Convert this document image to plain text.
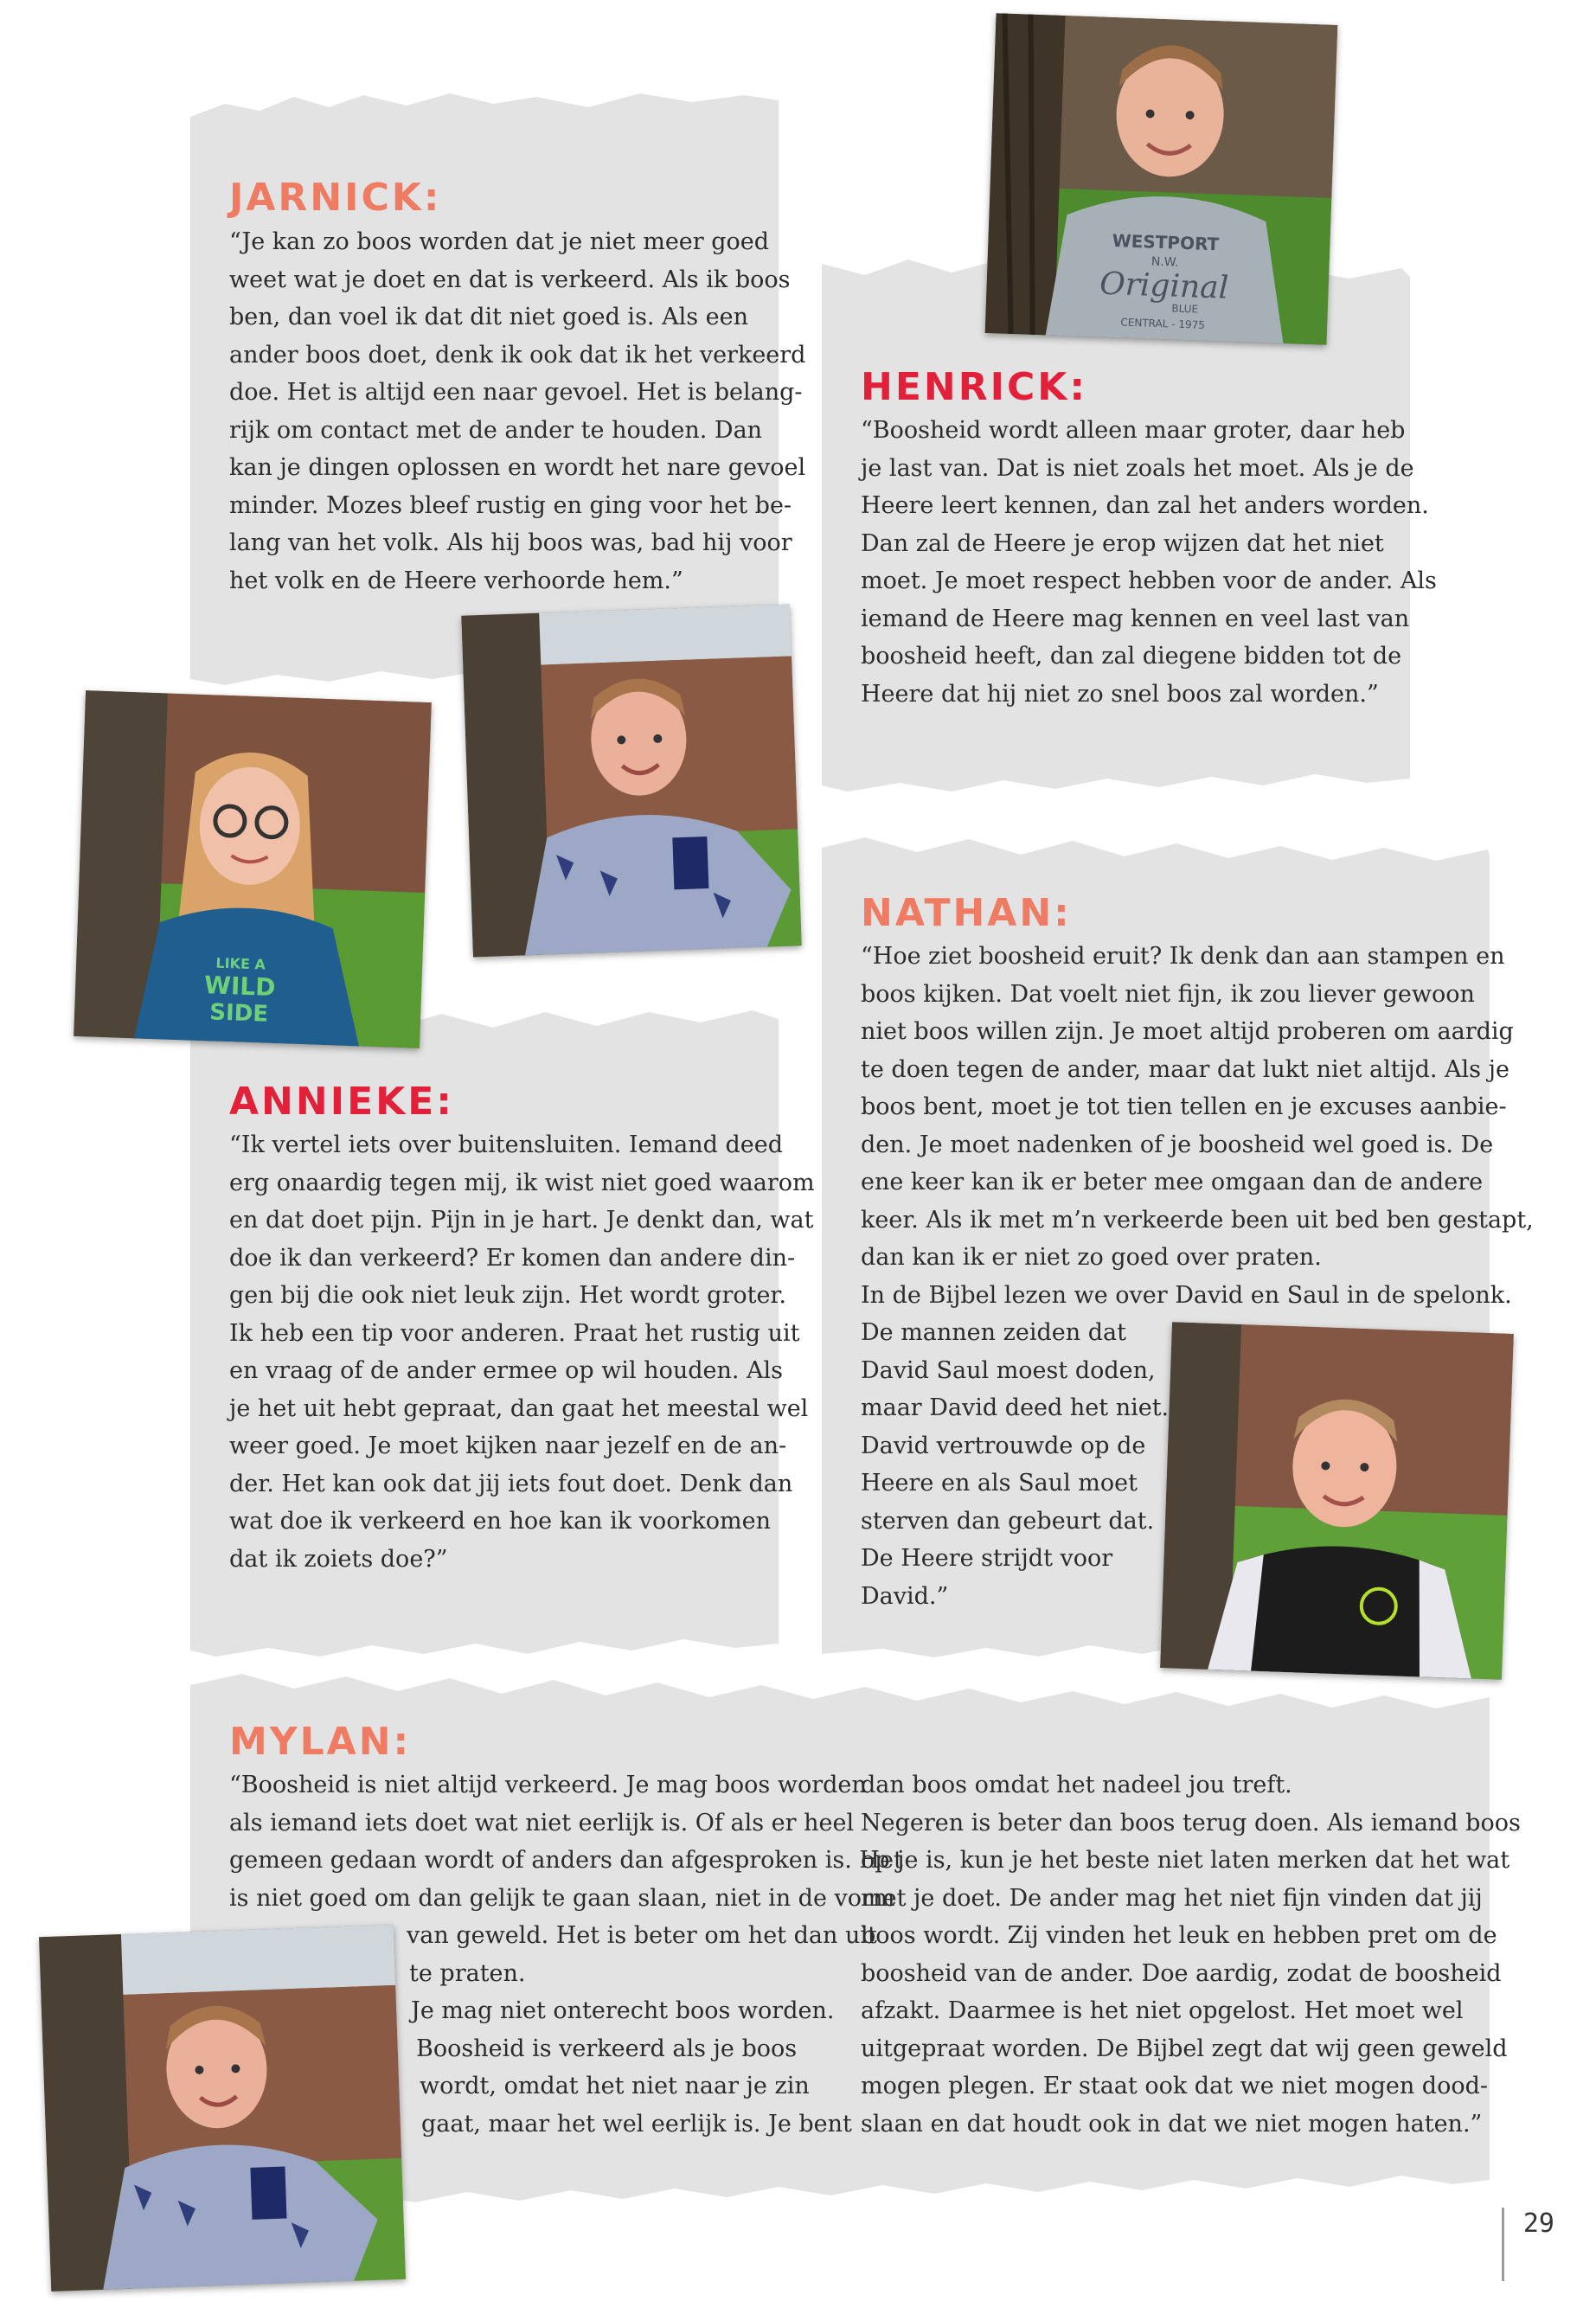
JARNICK:
“Je kan zo boos worden dat je niet meer goed
weet wat je doet en dat is verkeerd. Als ik boos
ben, dan voel ik dat dit niet goed is. Als een
ander boos doet, denk ik ook dat ik het verkeerd
doe. Het is altijd een naar gevoel. Het is belang-
rijk om contact met de ander te houden. Dan
kan je dingen oplossen en wordt het nare gevoel
minder. Mozes bleef rustig en ging voor het be-
lang van het volk. Als hij boos was, bad hij voor
het volk en de Heere verhoorde hem.”
HENRICK:
“Boosheid wordt alleen maar groter, daar heb
je last van. Dat is niet zoals het moet. Als je de
Heere leert kennen, dan zal het anders worden.
Dan zal de Heere je erop wijzen dat het niet
moet. Je moet respect hebben voor de ander. Als
iemand de Heere mag kennen en veel last van
boosheid heeft, dan zal diegene bidden tot de
Heere dat hij niet zo snel boos zal worden.”
ANNIEKE:
“Ik vertel iets over buitensluiten. Iemand deed
erg onaardig tegen mij, ik wist niet goed waarom
en dat doet pijn. Pijn in je hart. Je denkt dan, wat
doe ik dan verkeerd? Er komen dan andere din-
gen bij die ook niet leuk zijn. Het wordt groter.
Ik heb een tip voor anderen. Praat het rustig uit
en vraag of de ander ermee op wil houden. Als
je het uit hebt gepraat, dan gaat het meestal wel
weer goed. Je moet kijken naar jezelf en de an-
der. Het kan ook dat jij iets fout doet. Denk dan
wat doe ik verkeerd en hoe kan ik voorkomen
dat ik zoiets doe?”
NATHAN:
“Hoe ziet boosheid eruit? Ik denk dan aan stampen en
boos kijken. Dat voelt niet fijn, ik zou liever gewoon
niet boos willen zijn. Je moet altijd proberen om aardig
te doen tegen de ander, maar dat lukt niet altijd. Als je
boos bent, moet je tot tien tellen en je excuses aanbie-
den. Je moet nadenken of je boosheid wel goed is. De
ene keer kan ik er beter mee omgaan dan de andere
keer. Als ik met m’n verkeerde been uit bed ben gestapt,
dan kan ik er niet zo goed over praten.
In de Bijbel lezen we over David en Saul in de spelonk.
De mannen zeiden dat
David Saul moest doden,
maar David deed het niet.
David vertrouwde op de
Heere en als Saul moet
sterven dan gebeurt dat.
De Heere strijdt voor
David.”
MYLAN:
“Boosheid is niet altijd verkeerd. Je mag boos worden
als iemand iets doet wat niet eerlijk is. Of als er heel
gemeen gedaan wordt of anders dan afgesproken is. Het
is niet goed om dan gelijk te gaan slaan, niet in de vorm
van geweld. Het is beter om het dan uit
te praten.
Je mag niet onterecht boos worden.
Boosheid is verkeerd als je boos
wordt, omdat het niet naar je zin
gaat, maar het wel eerlijk is. Je bent
dan boos omdat het nadeel jou treft.
Negeren is beter dan boos terug doen. Als iemand boos
op je is, kun je het beste niet laten merken dat het wat
met je doet. De ander mag het niet fijn vinden dat jij
boos wordt. Zij vinden het leuk en hebben pret om de
boosheid van de ander. Doe aardig, zodat de boosheid
afzakt. Daarmee is het niet opgelost. Het moet wel
uitgepraat worden. De Bijbel zegt dat wij geen geweld
mogen plegen. Er staat ook dat we niet mogen dood-
slaan en dat houdt ook in dat we niet mogen haten.”
WESTPORT
N.W.
Original
BLUE
CENTRAL - 1975
LIKE A
WILD
SIDE
29
